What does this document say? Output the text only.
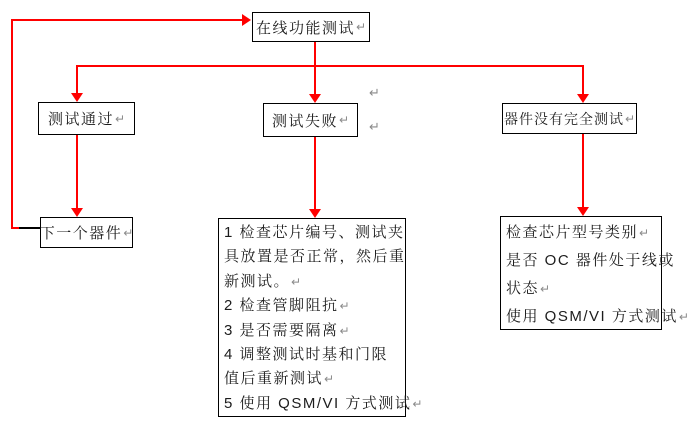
在线功能测试 ↵
测试通过 ↵	测试失败 ↵	器件没有完全测试 ↵
下一个器件 ↵	1 检查芯片编号、测试夹
具放置是否正常，然后重
新测试。↵
2 检查管脚阻抗↵
3 是否需要隔离↵
4 调整测试时基和门限
值后重新测试↵
5 使用 QSM/VI 方式测试↵
检查芯片型号类别↵
是否 OC 器件处于线或
状态↵
使用 QSM/VI 方式测试↵
↵
↵
